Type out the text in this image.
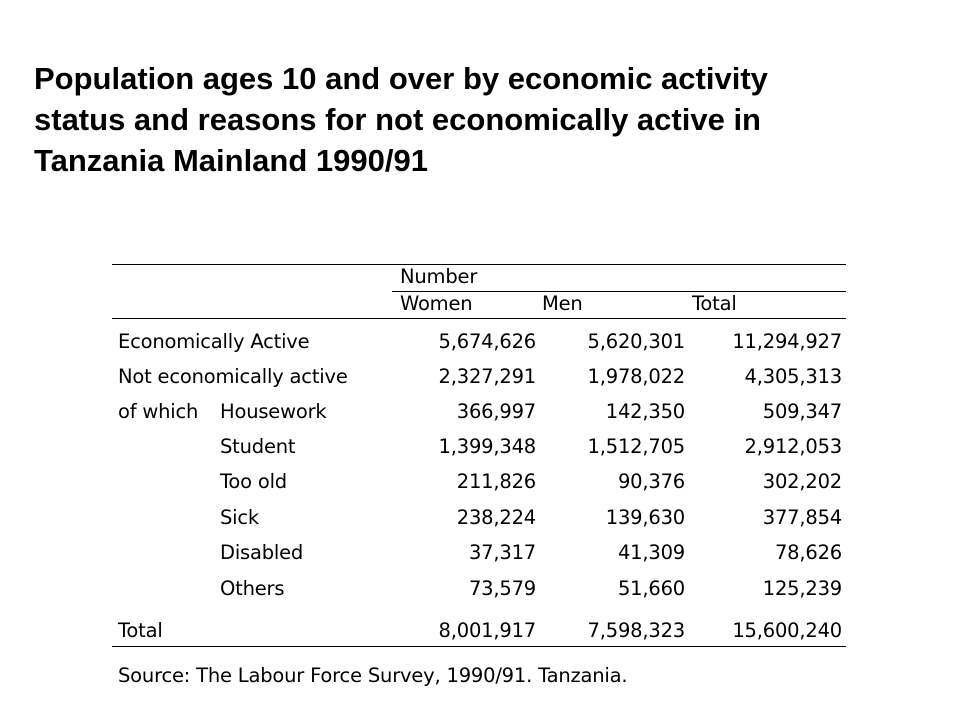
Population ages 10 and over by economic activity
status and reasons for not economically active in
Tanzania Mainland 1990/91
Number
Women	Men	Total
Economically Active	5,674,626	5,620,301	11,294,927
Not economically active	2,327,291	1,978,022	4,305,313
of which Housework	366,997	142,350	509,347
Student	1,399,348	1,512,705	2,912,053
Too old	211,826	90,376	302,202
Sick	238,224	139,630	377,854
Disabled	37,317	41,309	78,626
Others	73,579	51,660	125,239
Total	8,001,917	7,598,323	15,600,240
Source: The Labour Force Survey, 1990/91. Tanzania.
